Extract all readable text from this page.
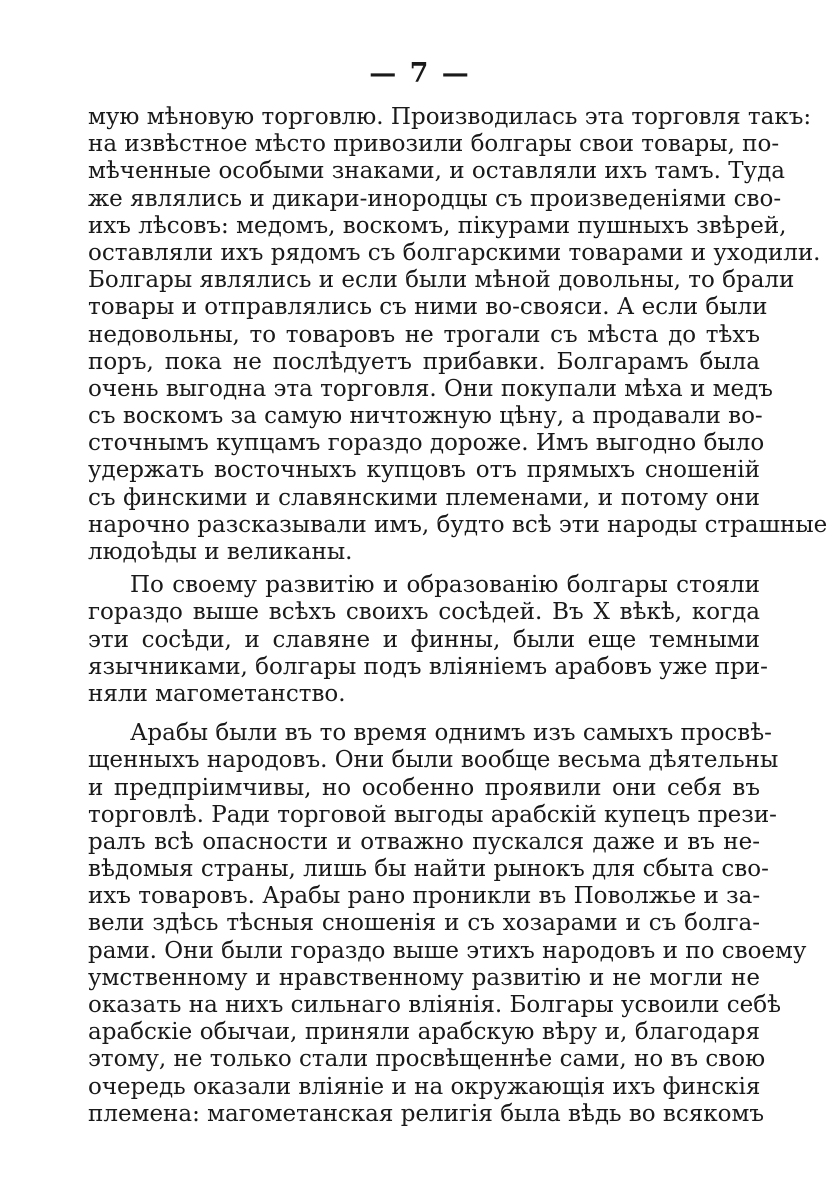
— 7 —
мую мѣновую торговлю. Производилась эта торговля такъ:
на извѣстное мѣсто привозили болгары свои товары, по-
мѣченные особыми знаками, и оставляли ихъ тамъ. Туда
же являлись и дикари-инородцы съ произведеніями сво-
ихъ лѣсовъ: медомъ, воскомъ, пікурами пушныхъ звѣрей,
оставляли ихъ рядомъ съ болгарскими товарами и уходили.
Болгары являлись и если были мѣной довольны, то брали
товары и отправлялись съ ними во-свояси. А если были
недовольны, то товаровъ не трогали съ мѣста до тѣхъ
поръ, пока не послѣдуетъ прибавки. Болгарамъ была
очень выгодна эта торговля. Они покупали мѣха и медъ
съ воскомъ за самую ничтожную цѣну, а продавали во-
сточнымъ купцамъ гораздо дороже. Имъ выгодно было
удержать восточныхъ купцовъ отъ прямыхъ сношеній
съ финскими и славянскими племенами, и потому они
нарочно разсказывали имъ, будто всѣ эти народы страшные
людоѣды и великаны.
По своему развитію и образованію болгары стояли
гораздо выше всѣхъ своихъ сосѣдей. Въ X вѣкѣ, когда
эти сосѣди, и славяне и финны, были еще темными
язычниками, болгары подъ вліяніемъ арабовъ уже при-
няли магометанство.
Арабы были въ то время однимъ изъ самыхъ просвѣ-
щенныхъ народовъ. Они были вообще весьма дѣятельны
и предпріимчивы, но особенно проявили они себя въ
торговлѣ. Ради торговой выгоды арабскій купецъ прези-
ралъ всѣ опасности и отважно пускался даже и въ не-
вѣдомыя страны, лишь бы найти рынокъ для сбыта сво-
ихъ товаровъ. Арабы рано проникли въ Поволжье и за-
вели здѣсь тѣсныя сношенія и съ хозарами и съ болга-
рами. Они были гораздо выше этихъ народовъ и по своему
умственному и нравственному развитію и не могли не
оказать на нихъ сильнаго вліянія. Болгары усвоили себѣ
арабскіе обычаи, приняли арабскую вѣру и, благодаря
этому, не только стали просвѣщеннѣе сами, но въ свою
очередь оказали вліяніе и на окружающія ихъ финскія
племена: магометанская религія была вѣдь во всякомъ
